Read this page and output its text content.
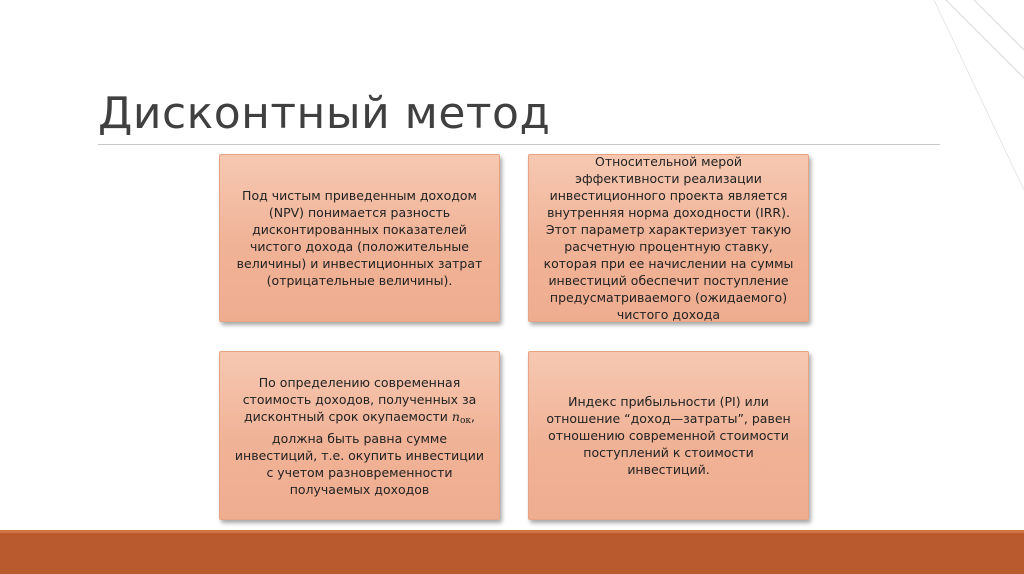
Дисконтный метод
Под чистым приведенным доходом (NPV) понимается разность дисконтированных показателей чистого дохода (положительные величины) и инвестиционных затрат (отрицательные величины).
Относительной мерой эффективности реализации инвестиционного проекта является внутренняя норма доходности (IRR). Этот параметр характеризует такую расчетную процентную ставку, которая при ее начислении на суммы инвестиций обеспечит поступление предусматриваемого (ожидаемого) чистого дохода
По определению современная стоимость доходов, полученных за дисконтный срок окупаемости $n_{ок}$, должна быть равна сумме инвестиций, т.е. окупить инвестиции с учетом разновременности получаемых доходов
Индекс прибыльности (PI) или отношение “доход—затраты”, равен отношению современной стоимости поступлений к стоимости инвестиций.
